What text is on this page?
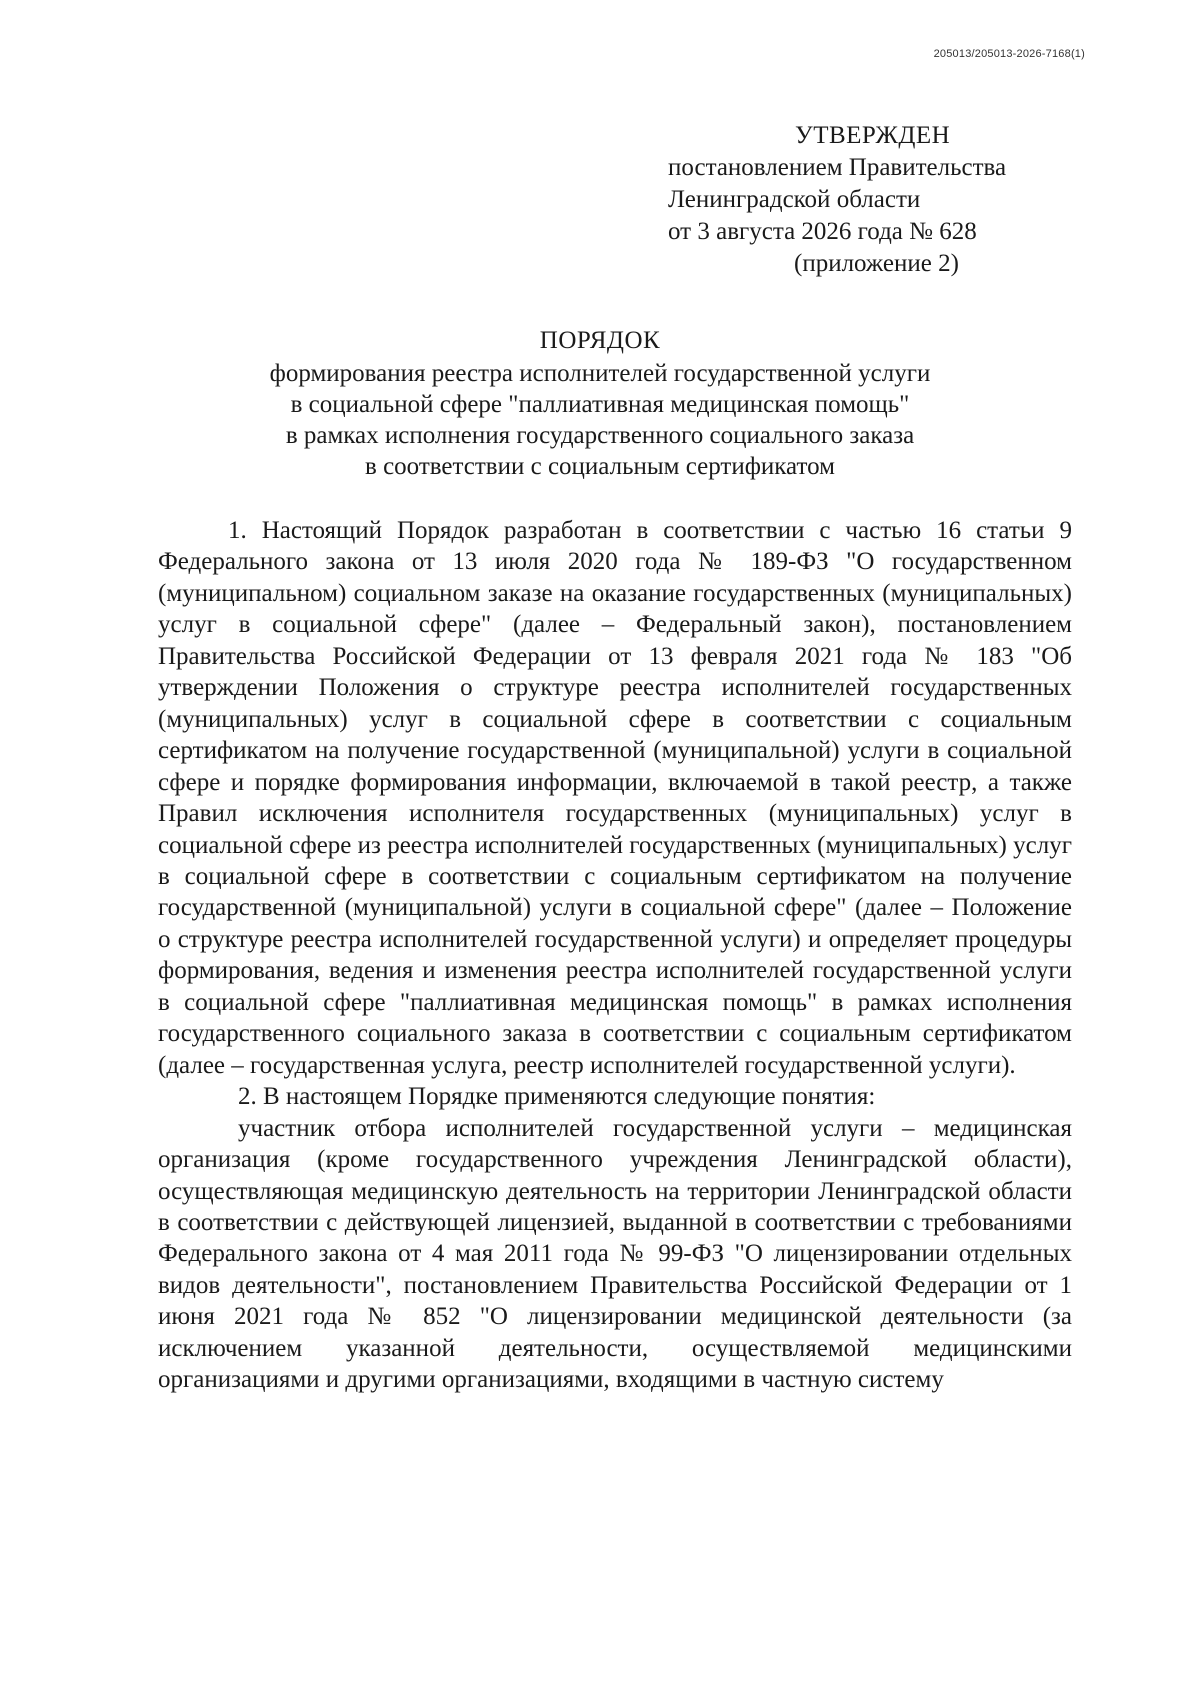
205013/205013-2026-7168(1)
УТВЕРЖДЕН
постановлением Правительства
Ленинградской области
от 3 августа 2026 года № 628
(приложение 2)
ПОРЯДОК
формирования реестра исполнителей государственной услуги
в социальной сфере "паллиативная медицинская помощь"
в рамках исполнения государственного социального заказа
в соответствии с социальным сертификатом

1. Настоящий Порядок разработан в соответствии с частью 16 статьи 9 Федерального закона от 13 июля 2020 года № 189-ФЗ "О государственном (муниципальном) социальном заказе на оказание государственных (муниципальных) услуг в социальной сфере" (далее – Федеральный закон), постановлением Правительства Российской Федерации от 13 февраля 2021 года № 183 "Об утверждении Положения о структуре реестра исполнителей государственных (муниципальных) услуг в социальной сфере в соответствии с социальным сертификатом на получение государственной (муниципальной) услуги в социальной сфере и порядке формирования информации, включаемой в такой реестр, а также Правил исключения исполнителя государственных (муниципальных) услуг в социальной сфере из реестра исполнителей государственных (муниципальных) услуг в социальной сфере в соответствии с социальным сертификатом на получение государственной (муниципальной) услуги в социальной сфере" (далее – Положение о структуре реестра исполнителей государственной услуги) и определяет процедуры формирования, ведения и изменения реестра исполнителей государственной услуги в социальной сфере "паллиативная медицинская помощь" в рамках исполнения государственного социального заказа в соответствии с социальным сертификатом (далее – государственная услуга, реестр исполнителей государственной услуги).

2. В настоящем Порядке применяются следующие понятия:

участник отбора исполнителей государственной услуги – медицинская организация (кроме государственного учреждения Ленинградской области), осуществляющая медицинскую деятельность на территории Ленинградской области в соответствии с действующей лицензией, выданной в соответствии с требованиями Федерального закона от 4 мая 2011 года № 99-ФЗ "О лицензировании отдельных видов деятельности", постановлением Правительства Российской Федерации от 1 июня 2021 года № 852 "О лицензировании медицинской деятельности (за исключением указанной деятельности, осуществляемой медицинскими организациями и другими организациями, входящими в частную систему
